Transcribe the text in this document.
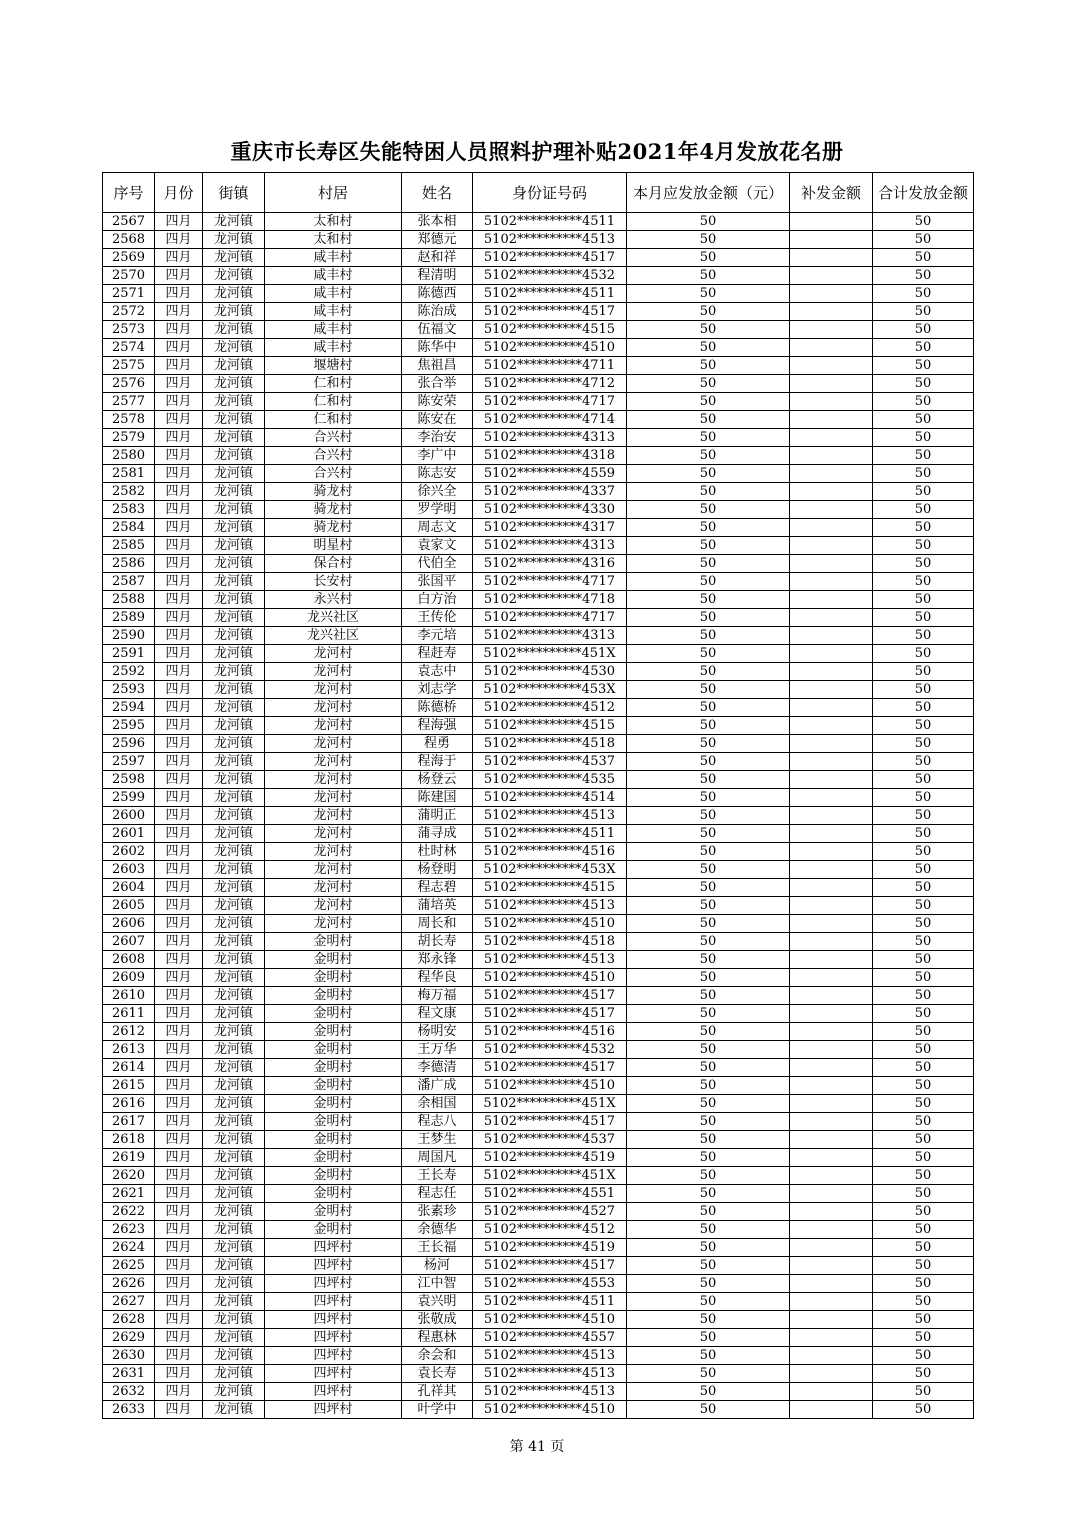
重庆市长寿区失能特困人员照料护理补贴2021年4月发放花名册
序号	月份	街镇	村居	姓名	身份证号码	本月应发放金额（元）	补发金额	合计发放金额
2567	四月	龙河镇	太和村	张本相	5102**********4511	50		50
2568	四月	龙河镇	太和村	郑德元	5102**********4513	50		50
2569	四月	龙河镇	咸丰村	赵和祥	5102**********4517	50		50
2570	四月	龙河镇	咸丰村	程清明	5102**********4532	50		50
2571	四月	龙河镇	咸丰村	陈德西	5102**********4511	50		50
2572	四月	龙河镇	咸丰村	陈治成	5102**********4517	50		50
2573	四月	龙河镇	咸丰村	伍福文	5102**********4515	50		50
2574	四月	龙河镇	咸丰村	陈华中	5102**********4510	50		50
2575	四月	龙河镇	堰塘村	焦祖昌	5102**********4711	50		50
2576	四月	龙河镇	仁和村	张合举	5102**********4712	50		50
2577	四月	龙河镇	仁和村	陈安荣	5102**********4717	50		50
2578	四月	龙河镇	仁和村	陈安在	5102**********4714	50		50
2579	四月	龙河镇	合兴村	李治安	5102**********4313	50		50
2580	四月	龙河镇	合兴村	李广中	5102**********4318	50		50
2581	四月	龙河镇	合兴村	陈志安	5102**********4559	50		50
2582	四月	龙河镇	骑龙村	徐兴全	5102**********4337	50		50
2583	四月	龙河镇	骑龙村	罗学明	5102**********4330	50		50
2584	四月	龙河镇	骑龙村	周志文	5102**********4317	50		50
2585	四月	龙河镇	明星村	袁家文	5102**********4313	50		50
2586	四月	龙河镇	保合村	代伯全	5102**********4316	50		50
2587	四月	龙河镇	长安村	张国平	5102**********4717	50		50
2588	四月	龙河镇	永兴村	白方治	5102**********4718	50		50
2589	四月	龙河镇	龙兴社区	王传伦	5102**********4717	50		50
2590	四月	龙河镇	龙兴社区	李元培	5102**********4313	50		50
2591	四月	龙河镇	龙河村	程赶寿	5102**********451X	50		50
2592	四月	龙河镇	龙河村	袁志中	5102**********4530	50		50
2593	四月	龙河镇	龙河村	刘志学	5102**********453X	50		50
2594	四月	龙河镇	龙河村	陈德桥	5102**********4512	50		50
2595	四月	龙河镇	龙河村	程海强	5102**********4515	50		50
2596	四月	龙河镇	龙河村	程勇	5102**********4518	50		50
2597	四月	龙河镇	龙河村	程海于	5102**********4537	50		50
2598	四月	龙河镇	龙河村	杨登云	5102**********4535	50		50
2599	四月	龙河镇	龙河村	陈建国	5102**********4514	50		50
2600	四月	龙河镇	龙河村	蒲明正	5102**********4513	50		50
2601	四月	龙河镇	龙河村	蒲寻成	5102**********4511	50		50
2602	四月	龙河镇	龙河村	杜时林	5102**********4516	50		50
2603	四月	龙河镇	龙河村	杨登明	5102**********453X	50		50
2604	四月	龙河镇	龙河村	程志碧	5102**********4515	50		50
2605	四月	龙河镇	龙河村	蒲培英	5102**********4513	50		50
2606	四月	龙河镇	龙河村	周长和	5102**********4510	50		50
2607	四月	龙河镇	金明村	胡长寿	5102**********4518	50		50
2608	四月	龙河镇	金明村	郑永锋	5102**********4513	50		50
2609	四月	龙河镇	金明村	程华良	5102**********4510	50		50
2610	四月	龙河镇	金明村	梅万福	5102**********4517	50		50
2611	四月	龙河镇	金明村	程文康	5102**********4517	50		50
2612	四月	龙河镇	金明村	杨明安	5102**********4516	50		50
2613	四月	龙河镇	金明村	王万华	5102**********4532	50		50
2614	四月	龙河镇	金明村	李德清	5102**********4517	50		50
2615	四月	龙河镇	金明村	潘广成	5102**********4510	50		50
2616	四月	龙河镇	金明村	余相国	5102**********451X	50		50
2617	四月	龙河镇	金明村	程志八	5102**********4517	50		50
2618	四月	龙河镇	金明村	王梦生	5102**********4537	50		50
2619	四月	龙河镇	金明村	周国凡	5102**********4519	50		50
2620	四月	龙河镇	金明村	王长寿	5102**********451X	50		50
2621	四月	龙河镇	金明村	程志任	5102**********4551	50		50
2622	四月	龙河镇	金明村	张素珍	5102**********4527	50		50
2623	四月	龙河镇	金明村	余德华	5102**********4512	50		50
2624	四月	龙河镇	四坪村	王长福	5102**********4519	50		50
2625	四月	龙河镇	四坪村	杨河	5102**********4517	50		50
2626	四月	龙河镇	四坪村	江中智	5102**********4553	50		50
2627	四月	龙河镇	四坪村	袁兴明	5102**********4511	50		50
2628	四月	龙河镇	四坪村	张敬成	5102**********4510	50		50
2629	四月	龙河镇	四坪村	程惠林	5102**********4557	50		50
2630	四月	龙河镇	四坪村	余会和	5102**********4513	50		50
2631	四月	龙河镇	四坪村	袁长寿	5102**********4513	50		50
2632	四月	龙河镇	四坪村	孔祥其	5102**********4513	50		50
2633	四月	龙河镇	四坪村	叶学中	5102**********4510	50		50
第 41 页
